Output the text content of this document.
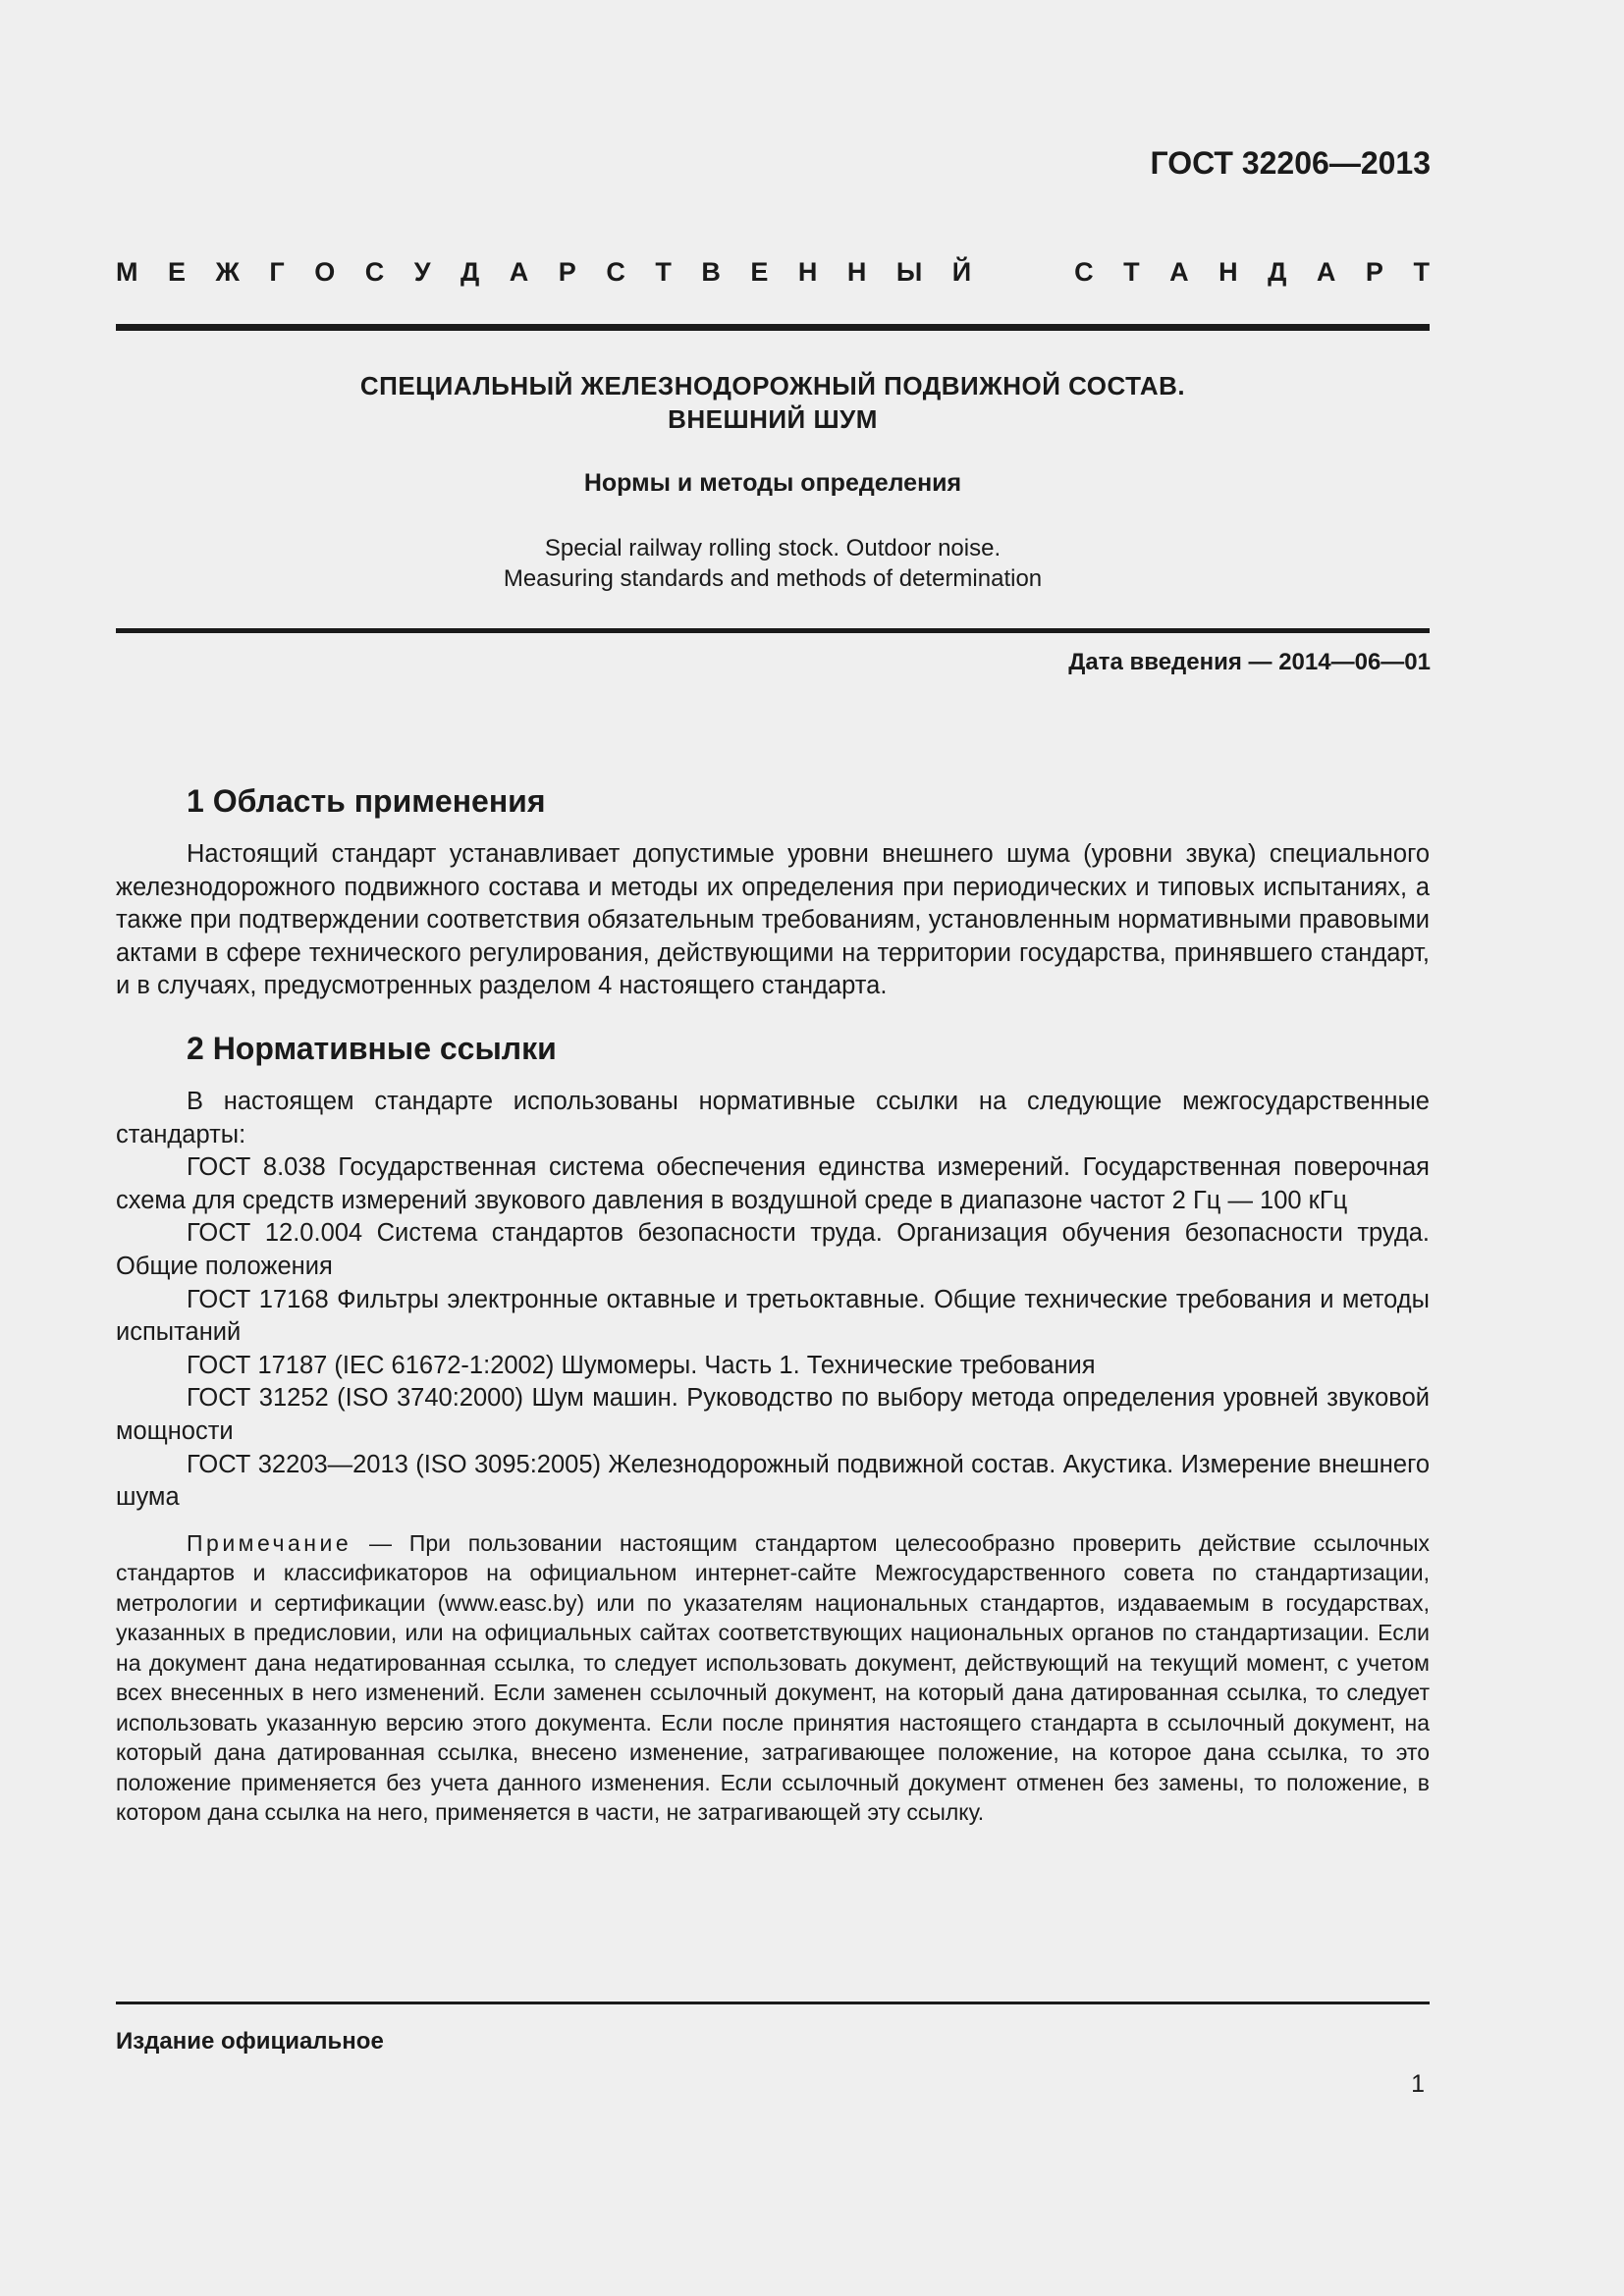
ГОСТ 32206—2013
М Е Ж Г О С У Д А Р С Т В Е Н Н Ы Й	С Т А Н Д А Р Т
СПЕЦИАЛЬНЫЙ ЖЕЛЕЗНОДОРОЖНЫЙ ПОДВИЖНОЙ СОСТАВ.
ВНЕШНИЙ ШУМ
Нормы и методы определения
Special railway rolling stock. Outdoor noise.
Measuring standards and methods of determination
Дата введения — 2014—06—01
1 Область применения

Настоящий стандарт устанавливает допустимые уровни внешнего шума (уровни звука) специального железнодорожного подвижного состава и методы их определения при периодических и типовых испытаниях, а также при подтверждении соответствия обязательным требованиям, установленным нормативными правовыми актами в сфере технического регулирования, действующими на территории государства, принявшего стандарт, и в случаях, предусмотренных разделом 4 настоящего стандарта.

2 Нормативные ссылки

В настоящем стандарте использованы нормативные ссылки на следующие межгосударственные стандарты:

ГОСТ 8.038 Государственная система обеспечения единства измерений. Государственная поверочная схема для средств измерений звукового давления в воздушной среде в диапазоне частот 2 Гц — 100 кГц

ГОСТ 12.0.004 Система стандартов безопасности труда. Организация обучения безопасности труда. Общие положения

ГОСТ 17168 Фильтры электронные октавные и третьоктавные. Общие технические требования и методы испытаний

ГОСТ 17187 (IEC 61672-1:2002) Шумомеры. Часть 1. Технические требования

ГОСТ 31252 (ISO 3740:2000) Шум машин. Руководство по выбору метода определения уровней звуковой мощности

ГОСТ 32203—2013 (ISO 3095:2005) Железнодорожный подвижной состав. Акустика. Измерение внешнего шума

Примечание — При пользовании настоящим стандартом целесообразно проверить действие ссылочных стандартов и классификаторов на официальном интернет-сайте Межгосударственного совета по стандартизации, метрологии и сертификации (www.easc.by) или по указателям национальных стандартов, издаваемым в государствах, указанных в предисловии, или на официальных сайтах соответствующих национальных органов по стандартизации. Если на документ дана недатированная ссылка, то следует использовать документ, действующий на текущий момент, с учетом всех внесенных в него изменений. Если заменен ссылочный документ, на который дана датированная ссылка, то следует использовать указанную версию этого документа. Если после принятия настоящего стандарта в ссылочный документ, на который дана датированная ссылка, внесено изменение, затрагивающее положение, на которое дана ссылка, то это положение применяется без учета данного изменения. Если ссылочный документ отменен без замены, то положение, в котором дана ссылка на него, применяется в части, не затрагивающей эту ссылку.

Издание официальное
1
